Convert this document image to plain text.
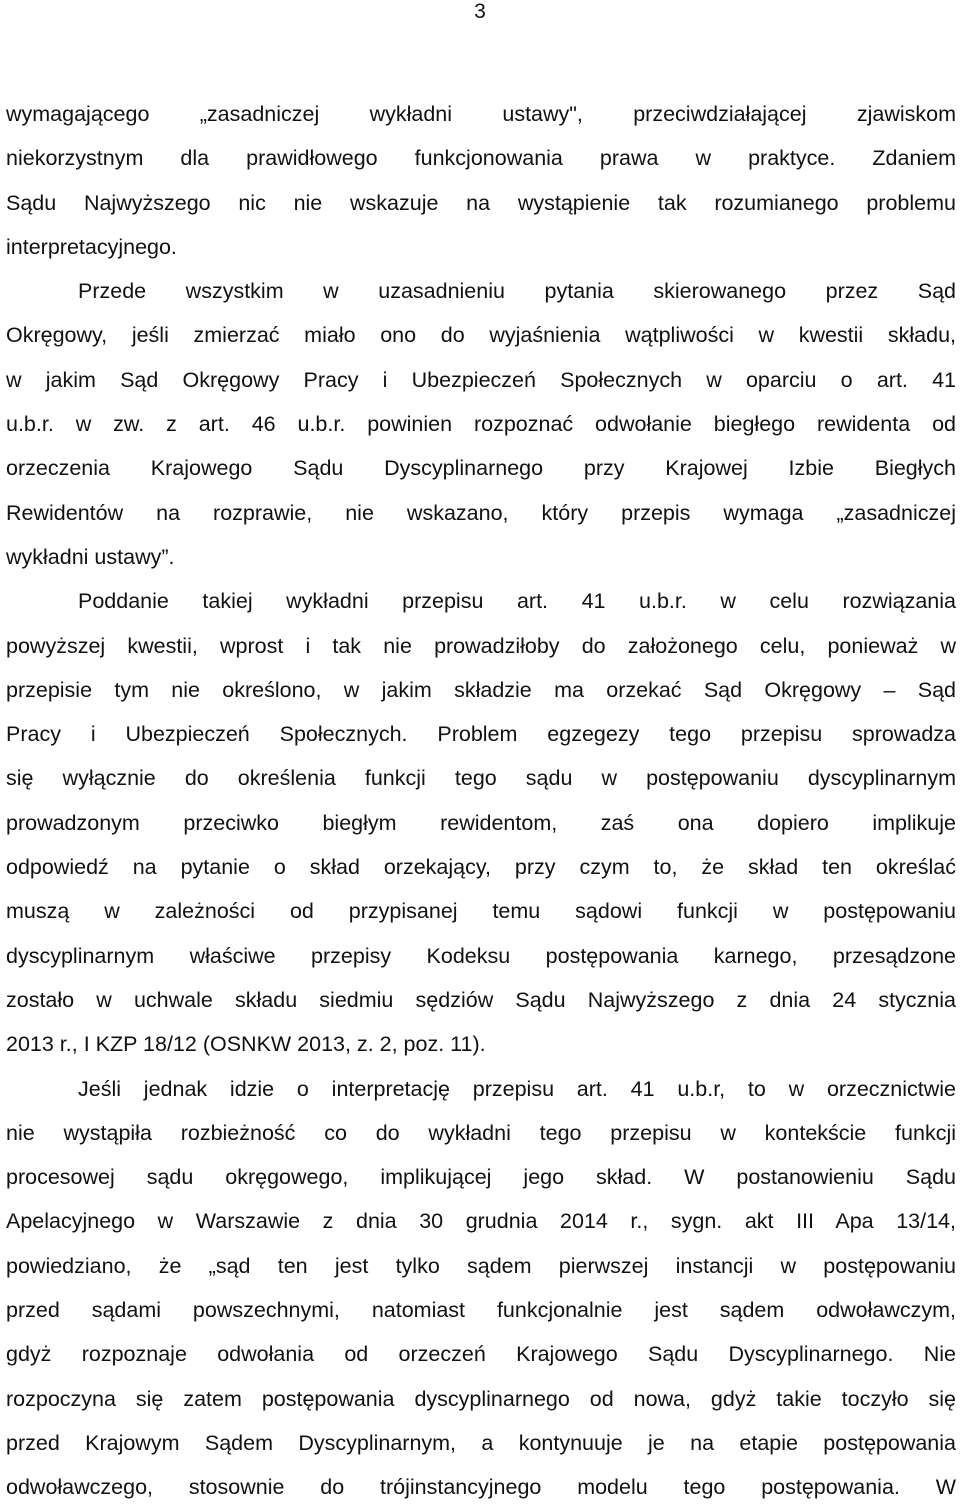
3
wymagającego „zasadniczej wykładni ustawy", przeciwdziałającej zjawiskom
niekorzystnym dla prawidłowego funkcjonowania prawa w praktyce. Zdaniem
Sądu Najwyższego nic nie wskazuje na wystąpienie tak rozumianego problemu
interpretacyjnego.
Przede wszystkim w uzasadnieniu pytania skierowanego przez Sąd
Okręgowy, jeśli zmierzać miało ono do wyjaśnienia wątpliwości w kwestii składu,
w jakim Sąd Okręgowy Pracy i Ubezpieczeń Społecznych w oparciu o art. 41
u.b.r. w zw. z art. 46 u.b.r. powinien rozpoznać odwołanie biegłego rewidenta od
orzeczenia Krajowego Sądu Dyscyplinarnego przy Krajowej Izbie Biegłych
Rewidentów na rozprawie, nie wskazano, który przepis wymaga „zasadniczej
wykładni ustawy”.
Poddanie takiej wykładni przepisu art. 41 u.b.r. w celu rozwiązania
powyższej kwestii, wprost i tak nie prowadziłoby do założonego celu, ponieważ w
przepisie tym nie określono, w jakim składzie ma orzekać Sąd Okręgowy – Sąd
Pracy i Ubezpieczeń Społecznych. Problem egzegezy tego przepisu sprowadza
się wyłącznie do określenia funkcji tego sądu w postępowaniu dyscyplinarnym
prowadzonym przeciwko biegłym rewidentom, zaś ona dopiero implikuje
odpowiedź na pytanie o skład orzekający, przy czym to, że skład ten określać
muszą w zależności od przypisanej temu sądowi funkcji w postępowaniu
dyscyplinarnym właściwe przepisy Kodeksu postępowania karnego, przesądzone
zostało w uchwale składu siedmiu sędziów Sądu Najwyższego z dnia 24 stycznia
2013 r., I KZP 18/12 (OSNKW 2013, z. 2, poz. 11).
Jeśli jednak idzie o interpretację przepisu art. 41 u.b.r, to w orzecznictwie
nie wystąpiła rozbieżność co do wykładni tego przepisu w kontekście funkcji
procesowej sądu okręgowego, implikującej jego skład. W postanowieniu Sądu
Apelacyjnego w Warszawie z dnia 30 grudnia 2014 r., sygn. akt III Apa 13/14,
powiedziano, że „sąd ten jest tylko sądem pierwszej instancji w postępowaniu
przed sądami powszechnymi, natomiast funkcjonalnie jest sądem odwoławczym,
gdyż rozpoznaje odwołania od orzeczeń Krajowego Sądu Dyscyplinarnego. Nie
rozpoczyna się zatem postępowania dyscyplinarnego od nowa, gdyż takie toczyło się
przed Krajowym Sądem Dyscyplinarnym, a kontynuuje je na etapie postępowania
odwoławczego, stosownie do trójinstancyjnego modelu tego postępowania. W
